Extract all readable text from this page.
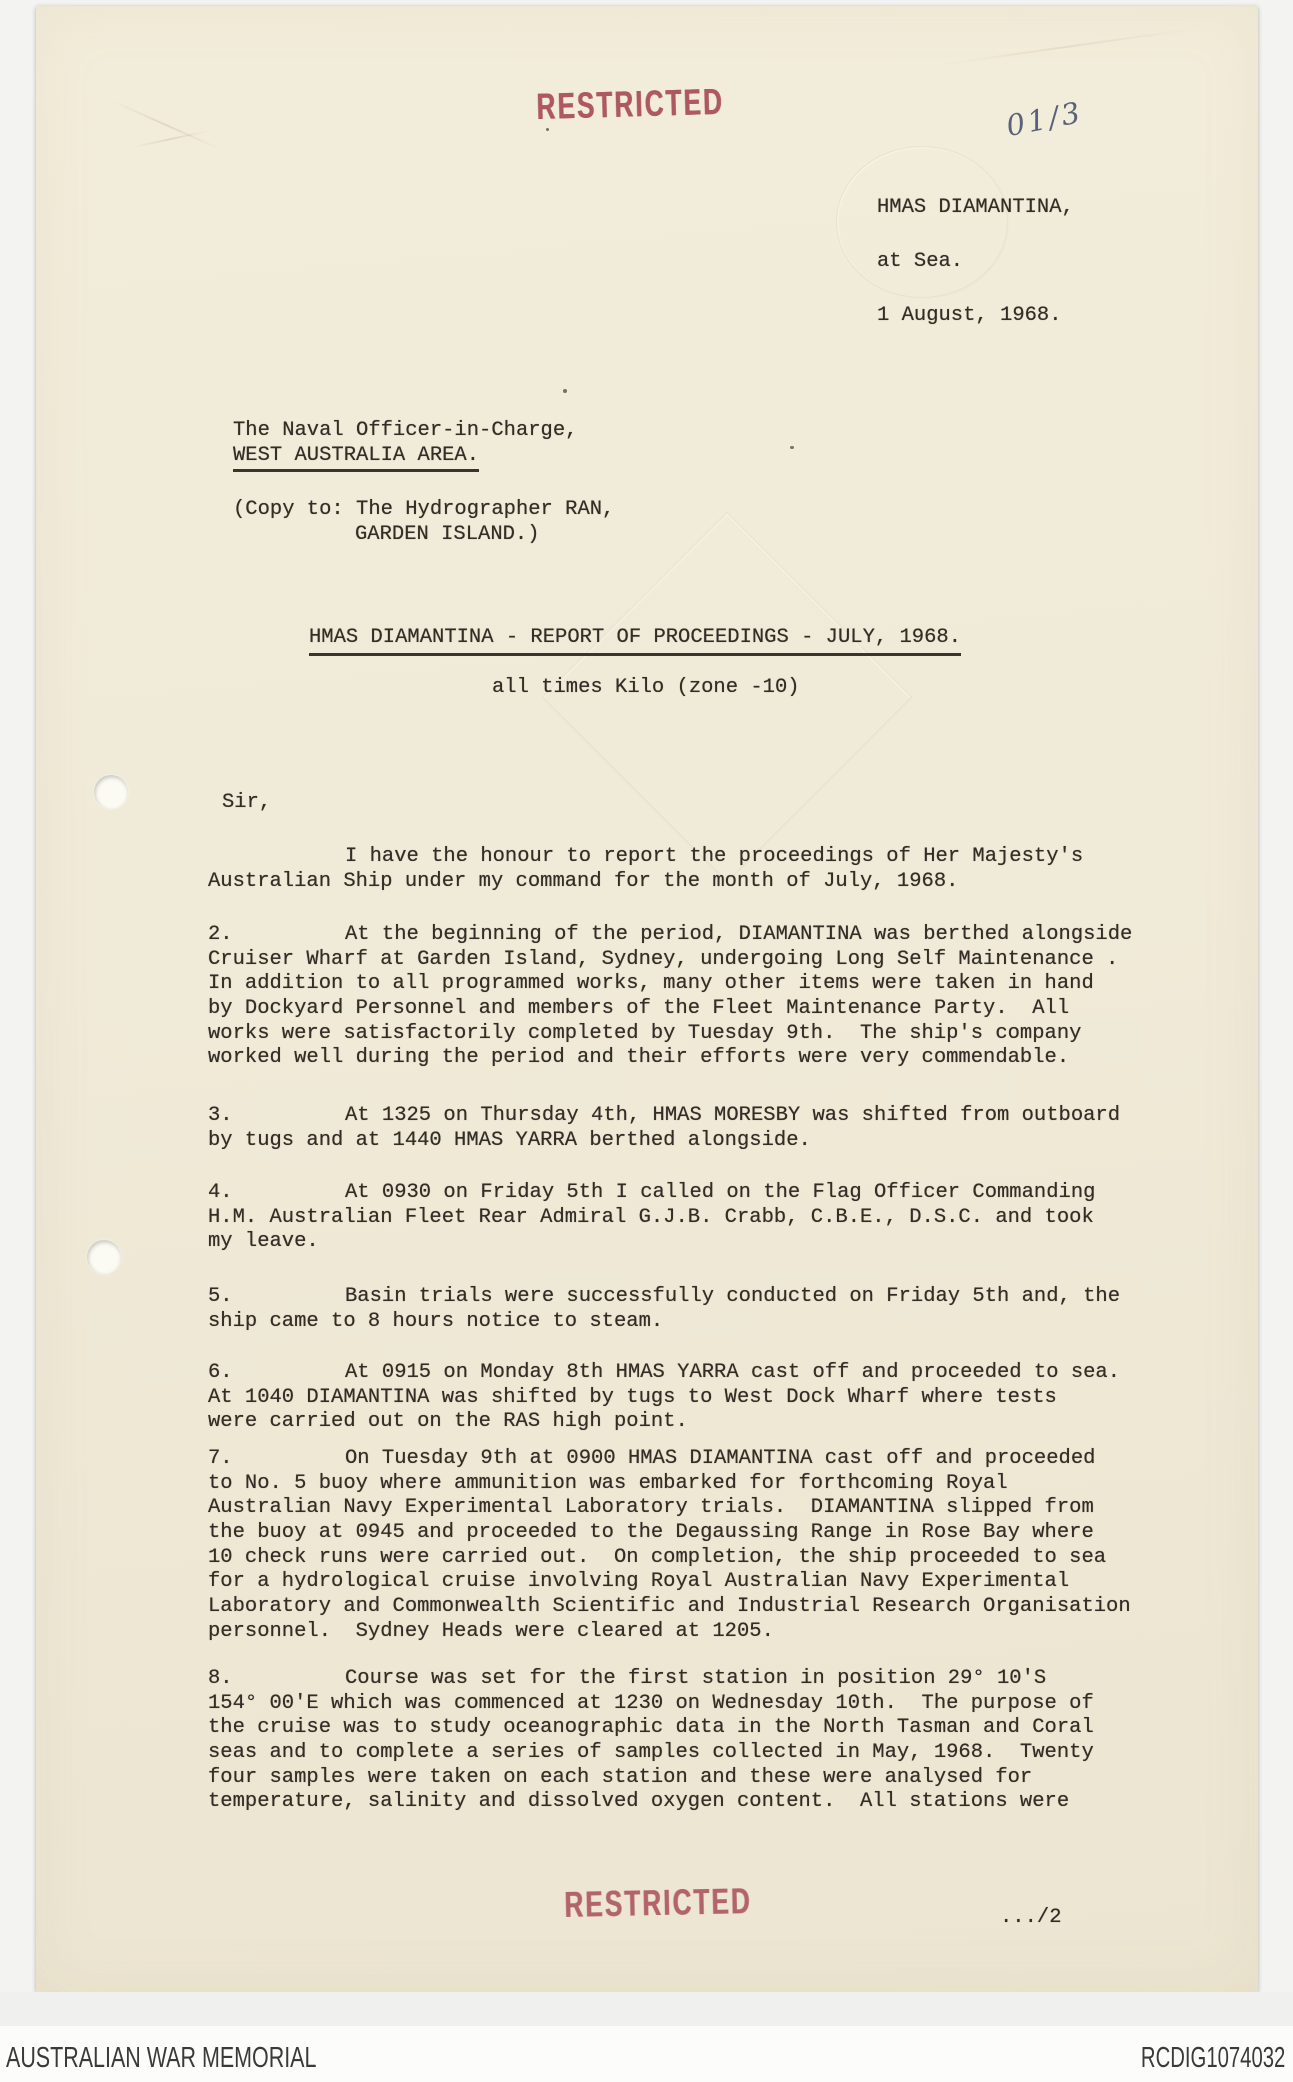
RESTRICTED	01/3
HMAS DIAMANTINA,
at Sea.
1 August, 1968.
The Naval Officer-in-Charge,
WEST AUSTRALIA AREA.
(Copy to: The Hydrographer RAN,
GARDEN ISLAND.)
HMAS DIAMANTINA - REPORT OF PROCEEDINGS - JULY, 1968.
all times Kilo (zone -10)
Sir,
I have the honour to report the proceedings of Her Majesty's
Australian Ship under my command for the month of July, 1968.
2.	At the beginning of the period, DIAMANTINA was berthed alongside
Cruiser Wharf at Garden Island, Sydney, undergoing Long Self Maintenance .
In addition to all programmed works, many other items were taken in hand
by Dockyard Personnel and members of the Fleet Maintenance Party.  All
works were satisfactorily completed by Tuesday 9th.  The ship's company
worked well during the period and their efforts were very commendable.
3.	At 1325 on Thursday 4th, HMAS MORESBY was shifted from outboard
by tugs and at 1440 HMAS YARRA berthed alongside.
4.	At 0930 on Friday 5th I called on the Flag Officer Commanding
H.M. Australian Fleet Rear Admiral G.J.B. Crabb, C.B.E., D.S.C. and took
my leave.
5.	Basin trials were successfully conducted on Friday 5th and, the
ship came to 8 hours notice to steam.
6.	At 0915 on Monday 8th HMAS YARRA cast off and proceeded to sea.
At 1040 DIAMANTINA was shifted by tugs to West Dock Wharf where tests
were carried out on the RAS high point.
7.	On Tuesday 9th at 0900 HMAS DIAMANTINA cast off and proceeded
to No. 5 buoy where ammunition was embarked for forthcoming Royal
Australian Navy Experimental Laboratory trials.  DIAMANTINA slipped from
the buoy at 0945 and proceeded to the Degaussing Range in Rose Bay where
10 check runs were carried out.  On completion, the ship proceeded to sea
for a hydrological cruise involving Royal Australian Navy Experimental
Laboratory and Commonwealth Scientific and Industrial Research Organisation
personnel.  Sydney Heads were cleared at 1205.
8.	Course was set for the first station in position 29° 10'S
154° 00'E which was commenced at 1230 on Wednesday 10th.  The purpose of
the cruise was to study oceanographic data in the North Tasman and Coral
seas and to complete a series of samples collected in May, 1968.  Twenty
four samples were taken on each station and these were analysed for
temperature, salinity and dissolved oxygen content.  All stations were
RESTRICTED	.../2
AUSTRALIAN WAR MEMORIAL	RCDIG1074032
